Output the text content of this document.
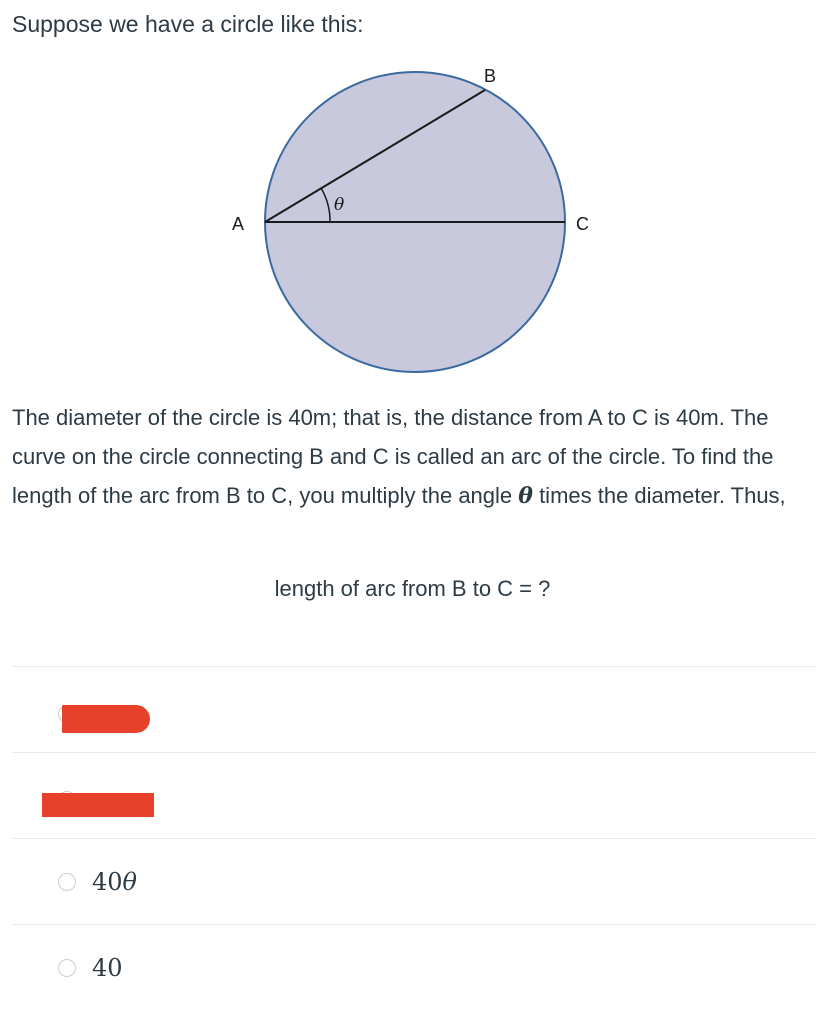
Suppose we have a circle like this:
A
B
C
θ
The diameter of the circle is 40m; that is, the distance from A to C is 40m. The curve on the circle connecting B and C is called an arc of the circle. To find the length of the arc from B to C, you multiply the angle θ times the diameter. Thus,
length of arc from B to C = ?
40θ
40
